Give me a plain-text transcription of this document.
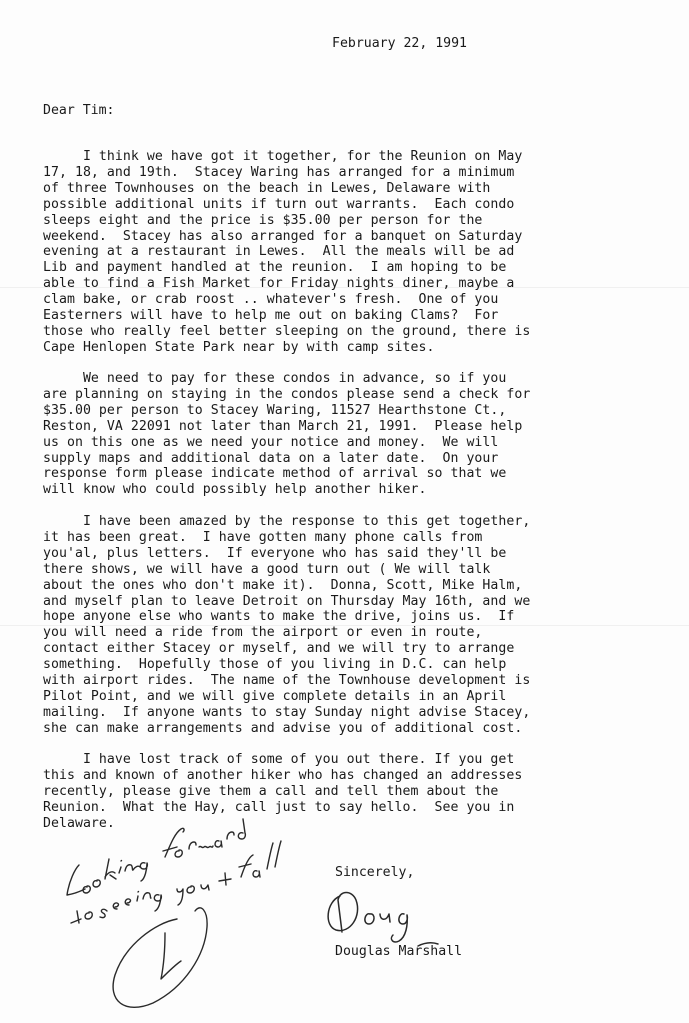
February 22, 1991
Dear Tim:
I think we have got it together, for the Reunion on May
17, 18, and 19th.  Stacey Waring has arranged for a minimum
of three Townhouses on the beach in Lewes, Delaware with
possible additional units if turn out warrants.  Each condo
sleeps eight and the price is $35.00 per person for the
weekend.  Stacey has also arranged for a banquet on Saturday
evening at a restaurant in Lewes.  All the meals will be ad
Lib and payment handled at the reunion.  I am hoping to be
able to find a Fish Market for Friday nights diner, maybe a
clam bake, or crab roost .. whatever's fresh.  One of you
Easterners will have to help me out on baking Clams?  For
those who really feel better sleeping on the ground, there is
Cape Henlopen State Park near by with camp sites.
We need to pay for these condos in advance, so if you
are planning on staying in the condos please send a check for
$35.00 per person to Stacey Waring, 11527 Hearthstone Ct.,
Reston, VA 22091 not later than March 21, 1991.  Please help
us on this one as we need your notice and money.  We will
supply maps and additional data on a later date.  On your
response form please indicate method of arrival so that we
will know who could possibly help another hiker.
I have been amazed by the response to this get together,
it has been great.  I have gotten many phone calls from
you'al, plus letters.  If everyone who has said they'll be
there shows, we will have a good turn out ( We will talk
about the ones who don't make it).  Donna, Scott, Mike Halm,
and myself plan to leave Detroit on Thursday May 16th, and we
hope anyone else who wants to make the drive, joins us.  If
you will need a ride from the airport or even in route,
contact either Stacey or myself, and we will try to arrange
something.  Hopefully those of you living in D.C. can help
with airport rides.  The name of the Townhouse development is
Pilot Point, and we will give complete details in an April
mailing.  If anyone wants to stay Sunday night advise Stacey,
she can make arrangements and advise you of additional cost.
I have lost track of some of you out there. If you get
this and known of another hiker who has changed an addresses
recently, please give them a call and tell them about the
Reunion.  What the Hay, call just to say hello.  See you in
Delaware.
Sincerely,
Douglas Marshall
